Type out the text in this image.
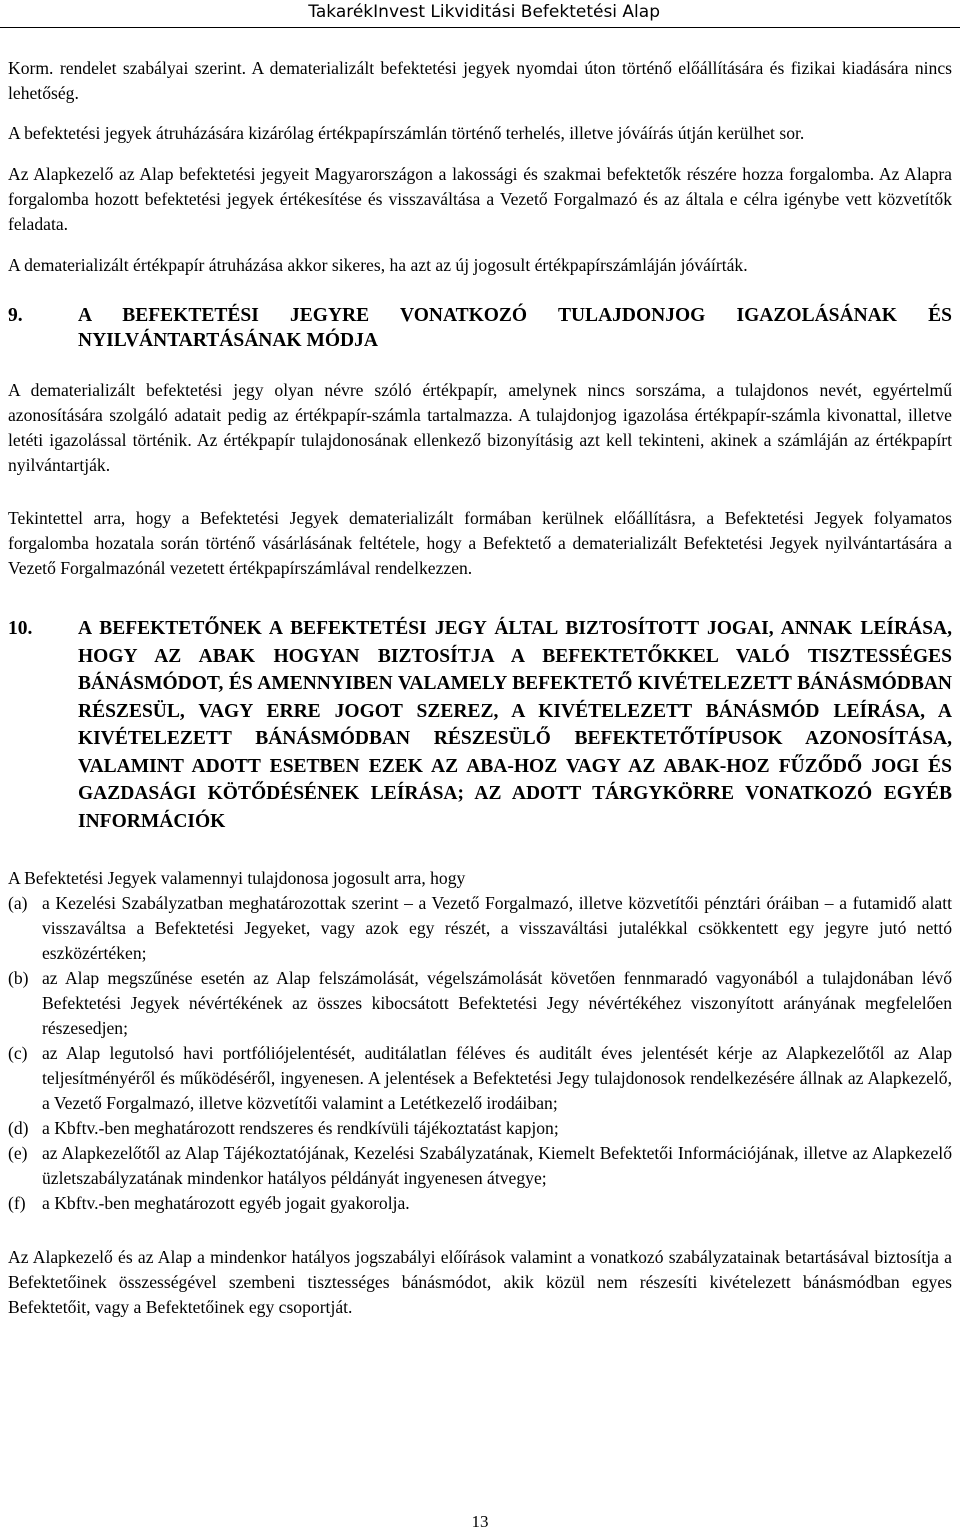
TakarékInvest Likviditási Befektetési Alap

Korm. rendelet szabályai szerint. A dematerializált befektetési jegyek nyomdai úton történő előállítására és fizikai kiadására nincs lehetőség.

A befektetési jegyek átruházására kizárólag értékpapírszámlán történő terhelés, illetve jóváírás útján kerülhet sor.

Az Alapkezelő az Alap befektetési jegyeit Magyarországon a lakossági és szakmai befektetők részére hozza forgalomba. Az Alapra forgalomba hozott befektetési jegyek értékesítése és visszaváltása a Vezető Forgalmazó és az általa e célra igénybe vett közvetítők feladata.

A dematerializált értékpapír átruházása akkor sikeres, ha azt az új jogosult értékpapírszámláján jóváírták.

9.	A BEFEKTETÉSI JEGYRE VONATKOZÓ TULAJDONJOG IGAZOLÁSÁNAK ÉS NYILVÁNTARTÁSÁNAK MÓDJA

A dematerializált befektetési jegy olyan névre szóló értékpapír, amelynek nincs sorszáma, a tulajdonos nevét, egyértelmű azonosítására szolgáló adatait pedig az értékpapír-számla tartalmazza. A tulajdonjog igazolása értékpapír-számla kivonattal, illetve letéti igazolással történik. Az értékpapír tulajdonosának ellenkező bizonyításig azt kell tekinteni, akinek a számláján az értékpapírt nyilvántartják.

Tekintettel arra, hogy a Befektetési Jegyek dematerializált formában kerülnek előállításra, a Befektetési Jegyek folyamatos forgalomba hozatala során történő vásárlásának feltétele, hogy a Befektető a dematerializált Befektetési Jegyek nyilvántartására a Vezető Forgalmazónál vezetett értékpapírszámlával rendelkezzen.

10.	A BEFEKTETŐNEK A BEFEKTETÉSI JEGY ÁLTAL BIZTOSÍTOTT JOGAI, ANNAK LEÍRÁSA, HOGY AZ ABAK HOGYAN BIZTOSÍTJA A BEFEKTETŐKKEL VALÓ TISZTESSÉGES BÁNÁSMÓDOT, ÉS AMENNYIBEN VALAMELY BEFEKTETŐ KIVÉTELEZETT BÁNÁSMÓDBAN RÉSZESÜL, VAGY ERRE JOGOT SZEREZ, A KIVÉTELEZETT BÁNÁSMÓD LEÍRÁSA, A KIVÉTELEZETT BÁNÁSMÓDBAN RÉSZESÜLŐ BEFEKTETŐTÍPUSOK AZONOSÍTÁSA, VALAMINT ADOTT ESETBEN EZEK AZ ABA-HOZ VAGY AZ ABAK-HOZ FŰZŐDŐ JOGI ÉS GAZDASÁGI KÖTŐDÉSÉNEK LEÍRÁSA; AZ ADOTT TÁRGYKÖRRE VONATKOZÓ EGYÉB INFORMÁCIÓK

A Befektetési Jegyek valamennyi tulajdonosa jogosult arra, hogy

(a) a Kezelési Szabályzatban meghatározottak szerint – a Vezető Forgalmazó, illetve közvetítői pénztári óráiban – a futamidő alatt visszaváltsa a Befektetési Jegyeket, vagy azok egy részét, a visszaváltási jutalékkal csökkentett egy jegyre jutó nettó eszközértéken;
(b) az Alap megszűnése esetén az Alap felszámolását, végelszámolását követően fennmaradó vagyonából a tulajdonában lévő Befektetési Jegyek névértékének az összes kibocsátott Befektetési Jegy névértékéhez viszonyított arányának megfelelően részesedjen;
(c) az Alap legutolsó havi portfóliójelentését, auditálatlan féléves és auditált éves jelentését kérje az Alapkezelőtől az Alap teljesítményéről és működéséről, ingyenesen. A jelentések a Befektetési Jegy tulajdonosok rendelkezésére állnak az Alapkezelő, a Vezető Forgalmazó, illetve közvetítői valamint a Letétkezelő irodáiban;
(d) a Kbftv.-ben meghatározott rendszeres és rendkívüli tájékoztatást kapjon;
(e) az Alapkezelőtől az Alap Tájékoztatójának, Kezelési Szabályzatának, Kiemelt Befektetői Információjának, illetve az Alapkezelő üzletszabályzatának mindenkor hatályos példányát ingyenesen átvegye;
(f) a Kbftv.-ben meghatározott egyéb jogait gyakorolja.

Az Alapkezelő és az Alap a mindenkor hatályos jogszabályi előírások valamint a vonatkozó szabályzatainak betartásával biztosítja a Befektetőinek összességével szembeni tisztességes bánásmódot, akik közül nem részesíti kivételezett bánásmódban egyes Befektetőit, vagy a Befektetőinek egy csoportját.

13
